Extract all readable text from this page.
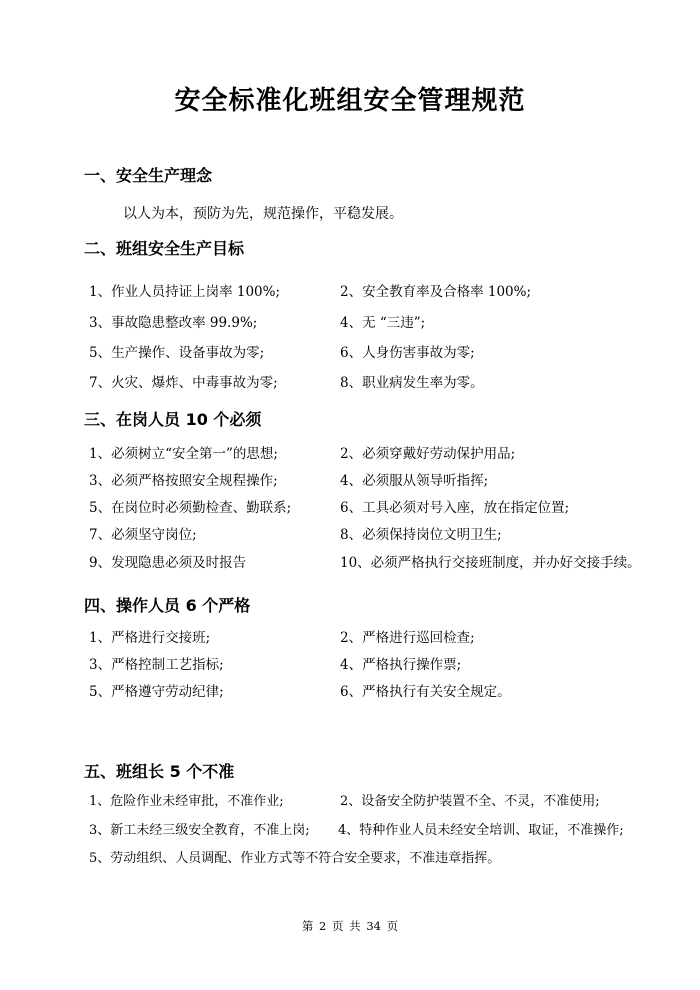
安全标准化班组安全管理规范
一、安全生产理念

以人为本，预防为先，规范操作，平稳发展。

二、班组安全生产目标

1、作业人员持证上岗率 100%;	2、安全教育率及合格率 100%;

3、事故隐患整改率 99.9%;	4、无 “三违”;

5、生产操作、设备事故为零;	6、人身伤害事故为零;

7、火灾、爆炸、中毒事故为零;	8、职业病发生率为零。

三、在岗人员 10 个必须

1、必须树立“安全第一”的思想;	2、必须穿戴好劳动保护用品;

3、必须严格按照安全规程操作;	4、必须服从领导听指挥;

5、在岗位时必须勤检查、勤联系;	6、工具必须对号入座，放在指定位置;

7、必须坚守岗位;	8、必须保持岗位文明卫生;

9、发现隐患必须及时报告	10、必须严格执行交接班制度，并办好交接手续。

四、操作人员 6 个严格

1、严格进行交接班;	2、严格进行巡回检查;

3、严格控制工艺指标;	4、严格执行操作票;

5、严格遵守劳动纪律;	6、严格执行有关安全规定。

五、班组长 5 个不准

1、危险作业未经审批，不准作业;	2、设备安全防护装置不全、不灵，不准使用;

3、新工未经三级安全教育，不准上岗; 4、特种作业人员未经安全培训、取证，不准操作;

5、劳动组织、人员调配、作业方式等不符合安全要求，不准违章指挥。

第 2 页 共 34 页
